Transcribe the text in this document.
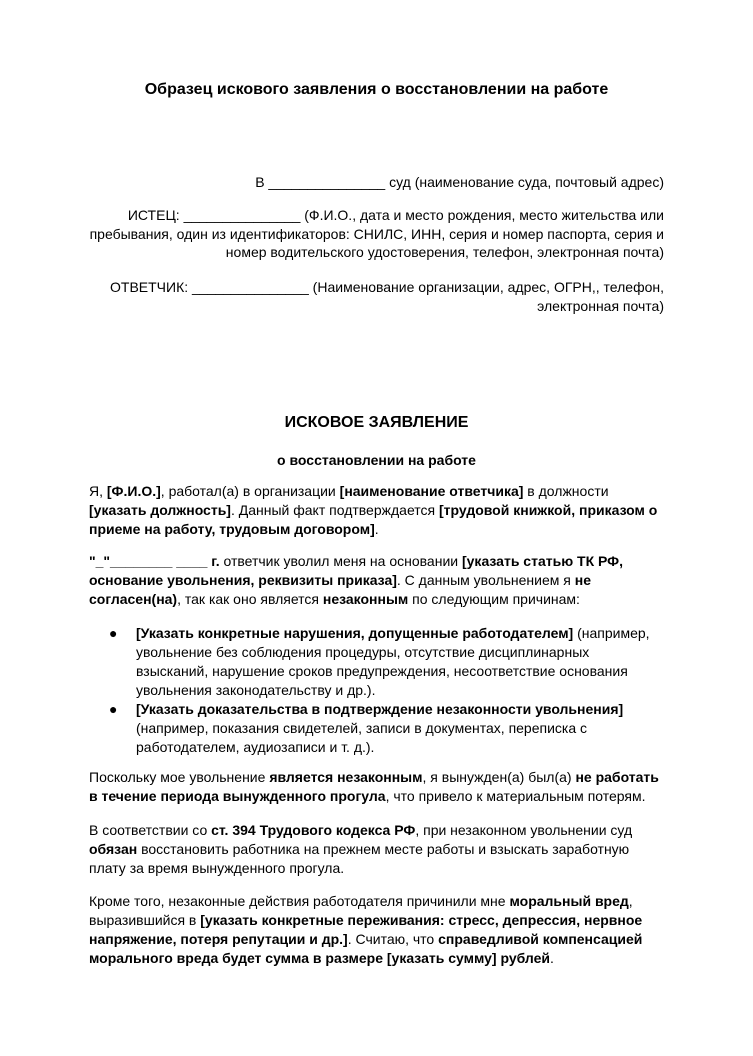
Образец искового заявления о восстановлении на работе
В _______________ суд (наименование суда, почтовый адрес)
ИСТЕЦ: _______________ (Ф.И.О., дата и место рождения, место жительства или пребывания, один из идентификаторов: СНИЛС, ИНН, серия и номер паспорта, серия и номер водительского удостоверения, телефон, электронная почта)
ОТВЕТЧИК: _______________ (Наименование организации, адрес, ОГРН,, телефон, электронная почта)
ИСКОВОЕ ЗАЯВЛЕНИЕ
о восстановлении на работе

Я, [Ф.И.О.], работал(а) в организации [наименование ответчика] в должности [указать должность]. Данный факт подтверждается [трудовой книжкой, приказом о приеме на работу, трудовым договором].

"_"________ ____ г. ответчик уволил меня на основании [указать статью ТК РФ, основание увольнения, реквизиты приказа]. С данным увольнением я не согласен(на), так как оно является незаконным по следующим причинам:

● [Указать конкретные нарушения, допущенные работодателем] (например, увольнение без соблюдения процедуры, отсутствие дисциплинарных взысканий, нарушение сроков предупреждения, несоответствие основания увольнения законодательству и др.).
● [Указать доказательства в подтверждение незаконности увольнения] (например, показания свидетелей, записи в документах, переписка с работодателем, аудиозаписи и т. д.).

Поскольку мое увольнение является незаконным, я вынужден(а) был(а) не работать в течение периода вынужденного прогула, что привело к материальным потерям.

В соответствии со ст. 394 Трудового кодекса РФ, при незаконном увольнении суд обязан восстановить работника на прежнем месте работы и взыскать заработную плату за время вынужденного прогула.

Кроме того, незаконные действия работодателя причинили мне моральный вред, выразившийся в [указать конкретные переживания: стресс, депрессия, нервное напряжение, потеря репутации и др.]. Считаю, что справедливой компенсацией морального вреда будет сумма в размере [указать сумму] рублей.
